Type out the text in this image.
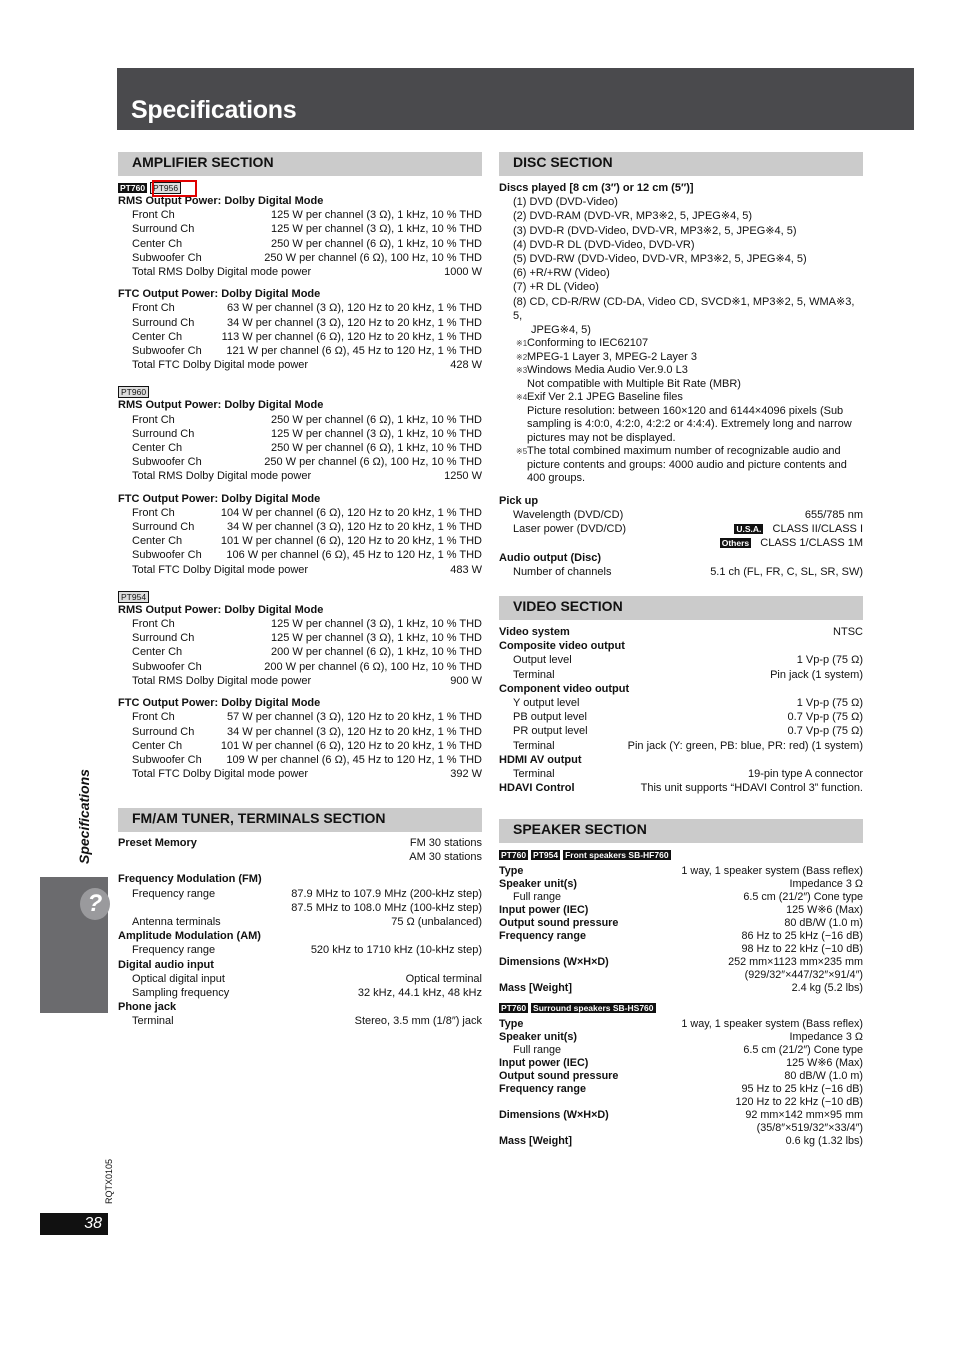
Specifications
AMPLIFIER SECTION
PT760 PT956
RMS Output Power: Dolby Digital Mode
Front Ch	125 W per channel (3 Ω), 1 kHz, 10 % THD
Surround Ch	125 W per channel (3 Ω), 1 kHz, 10 % THD
Center Ch	250 W per channel (6 Ω), 1 kHz, 10 % THD
Subwoofer Ch	250 W per channel (6 Ω), 100 Hz, 10 % THD
Total RMS Dolby Digital mode power	1000 W
FTC Output Power: Dolby Digital Mode
Front Ch	63 W per channel (3 Ω), 120 Hz to 20 kHz, 1 % THD
Surround Ch	34 W per channel (3 Ω), 120 Hz to 20 kHz, 1 % THD
Center Ch	113 W per channel (6 Ω), 120 Hz to 20 kHz, 1 % THD
Subwoofer Ch 121 W per channel (6 Ω), 45 Hz to 120 Hz, 1 % THD
Total FTC Dolby Digital mode power	428 W
PT960
RMS Output Power: Dolby Digital Mode
Front Ch	250 W per channel (6 Ω), 1 kHz, 10 % THD
Surround Ch	125 W per channel (3 Ω), 1 kHz, 10 % THD
Center Ch	250 W per channel (6 Ω), 1 kHz, 10 % THD
Subwoofer Ch	250 W per channel (6 Ω), 100 Hz, 10 % THD
Total RMS Dolby Digital mode power	1250 W
FTC Output Power: Dolby Digital Mode
Front Ch	104 W per channel (6 Ω), 120 Hz to 20 kHz, 1 % THD
Surround Ch	34 W per channel (3 Ω), 120 Hz to 20 kHz, 1 % THD
Center Ch	101 W per channel (6 Ω), 120 Hz to 20 kHz, 1 % THD
Subwoofer Ch 106 W per channel (6 Ω), 45 Hz to 120 Hz, 1 % THD
Total FTC Dolby Digital mode power	483 W
PT954
RMS Output Power: Dolby Digital Mode
Front Ch	125 W per channel (3 Ω), 1 kHz, 10 % THD
Surround Ch	125 W per channel (3 Ω), 1 kHz, 10 % THD
Center Ch	200 W per channel (6 Ω), 1 kHz, 10 % THD
Subwoofer Ch	200 W per channel (6 Ω), 100 Hz, 10 % THD
Total RMS Dolby Digital mode power	900 W
FTC Output Power: Dolby Digital Mode
Front Ch	57 W per channel (3 Ω), 120 Hz to 20 kHz, 1 % THD
Surround Ch	34 W per channel (3 Ω), 120 Hz to 20 kHz, 1 % THD
Center Ch	101 W per channel (6 Ω), 120 Hz to 20 kHz, 1 % THD
Subwoofer Ch 109 W per channel (6 Ω), 45 Hz to 120 Hz, 1 % THD
Total FTC Dolby Digital mode power	392 W
FM/AM TUNER, TERMINALS SECTION
Preset Memory	FM 30 stations
AM 30 stations
Frequency Modulation (FM)
Frequency range	87.9 MHz to 107.9 MHz (200-kHz step)
87.5 MHz to 108.0 MHz (100-kHz step)
Antenna terminals	75 Ω (unbalanced)
Amplitude Modulation (AM)
Frequency range	520 kHz to 1710 kHz (10-kHz step)
Digital audio input
Optical digital input	Optical terminal
Sampling frequency	32 kHz, 44.1 kHz, 48 kHz
Phone jack
Terminal	Stereo, 3.5 mm (1/8″) jack
DISC SECTION
Discs played [8 cm (3″) or 12 cm (5″)]
(1) DVD (DVD-Video)
(2) DVD-RAM (DVD-VR, MP3※2, 5, JPEG※4, 5)
(3) DVD-R (DVD-Video, DVD-VR, MP3※2, 5, JPEG※4, 5)
(4) DVD-R DL (DVD-Video, DVD-VR)
(5) DVD-RW (DVD-Video, DVD-VR, MP3※2, 5, JPEG※4, 5)
(6) +R/+RW (Video)
(7) +R DL (Video)
(8) CD, CD-R/RW (CD-DA, Video CD, SVCD※1, MP3※2, 5, WMA※3, 5,
JPEG※4, 5)
※1 Conforming to IEC62107
※2 MPEG-1 Layer 3, MPEG-2 Layer 3
※3 Windows Media Audio Ver.9.0 L3
Not compatible with Multiple Bit Rate (MBR)
※4 Exif Ver 2.1 JPEG Baseline files
Picture resolution: between 160×120 and 6144×4096 pixels (Sub sampling is 4:0:0, 4:2:0, 4:2:2 or 4:4:4). Extremely long and narrow pictures may not be displayed.
※5 The total combined maximum number of recognizable audio and picture contents and groups: 4000 audio and picture contents and 400 groups.
Pick up
Wavelength (DVD/CD)	655/785 nm
Laser power (DVD/CD)	U.S.A. CLASS II/CLASS I
Others CLASS 1/CLASS 1M
Audio output (Disc)
Number of channels	5.1 ch (FL, FR, C, SL, SR, SW)
VIDEO SECTION
Video system	NTSC
Composite video output
Output level	1 Vp-p (75 Ω)
Terminal	Pin jack (1 system)
Component video output
Y output level	1 Vp-p (75 Ω)
PB output level	0.7 Vp-p (75 Ω)
PR output level	0.7 Vp-p (75 Ω)
Terminal	Pin jack (Y: green, PB: blue, PR: red) (1 system)
HDMI AV output
Terminal	19-pin type A connector
HDAVI Control	This unit supports “HDAVI Control 3” function.
SPEAKER SECTION
PT760 PT954 Front speakers SB-HF760
Type	1 way, 1 speaker system (Bass reflex)
Speaker unit(s)	Impedance 3 Ω
Full range	6.5 cm (21/2″) Cone type
Input power (IEC)	125 W※6 (Max)
Output sound pressure	80 dB/W (1.0 m)
Frequency range	86 Hz to 25 kHz (−16 dB)
98 Hz to 22 kHz (−10 dB)
Dimensions (W×H×D)	252 mm×1123 mm×235 mm
(929/32″×447/32″×91/4″)
Mass [Weight]	2.4 kg (5.2 lbs)
PT760 Surround speakers SB-HS760
Type	1 way, 1 speaker system (Bass reflex)
Speaker unit(s)	Impedance 3 Ω
Full range	6.5 cm (21/2″) Cone type
Input power (IEC)	125 W※6 (Max)
Output sound pressure	80 dB/W (1.0 m)
Frequency range	95 Hz to 25 kHz (−16 dB)
120 Hz to 22 kHz (−10 dB)
Dimensions (W×H×D)	92 mm×142 mm×95 mm
(35/8″×519/32″×33/4″)
Mass [Weight]	0.6 kg (1.32 lbs)
?
Specifications
RQTX0105
38
